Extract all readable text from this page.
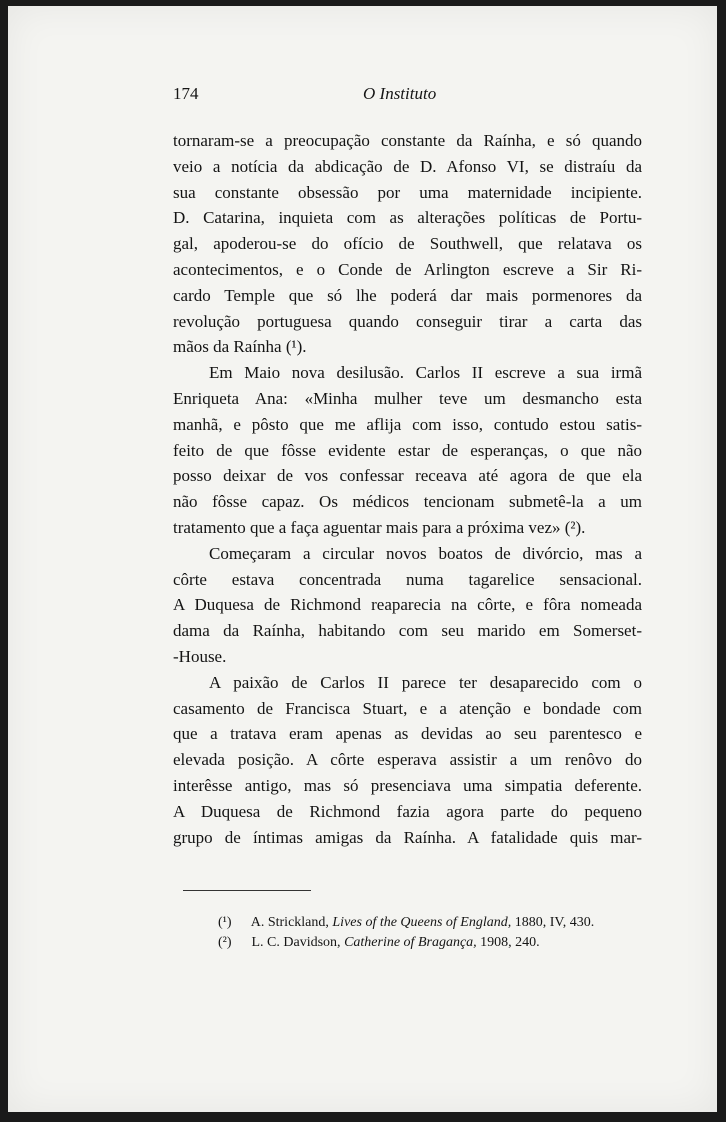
174	O Instituto
tornaram-se a preocupação constante da Raínha, e só quando
veio a notícia da abdicação de D. Afonso VI, se distraíu da
sua constante obsessão por uma maternidade incipiente.
D. Catarina, inquieta com as alterações políticas de Portu-
gal, apoderou-se do ofício de Southwell, que relatava os
acontecimentos, e o Conde de Arlington escreve a Sir Ri-
cardo Temple que só lhe poderá dar mais pormenores da
revolução portuguesa quando conseguir tirar a carta das
mãos da Raínha (¹).
Em Maio nova desilusão. Carlos II escreve a sua irmã
Enriqueta Ana: «Minha mulher teve um desmancho esta
manhã, e pôsto que me aflija com isso, contudo estou satis-
feito de que fôsse evidente estar de esperanças, o que não
posso deixar de vos confessar receava até agora de que ela
não fôsse capaz. Os médicos tencionam submetê-la a um
tratamento que a faça aguentar mais para a próxima vez» (²).
Começaram a circular novos boatos de divórcio, mas a
côrte estava concentrada numa tagarelice sensacional.
A Duquesa de Richmond reaparecia na côrte, e fôra nomeada
dama da Raínha, habitando com seu marido em Somerset-
-House.
A paixão de Carlos II parece ter desaparecido com o
casamento de Francisca Stuart, e a atenção e bondade com
que a tratava eram apenas as devidas ao seu parentesco e
elevada posição. A côrte esperava assistir a um renôvo do
interêsse antigo, mas só presenciava uma simpatia deferente.
A Duquesa de Richmond fazia agora parte do pequeno
grupo de íntimas amigas da Raínha. A fatalidade quis mar-
(¹) A. Strickland, Lives of the Queens of England, 1880, IV, 430.
(²) L. C. Davidson, Catherine of Bragança, 1908, 240.
